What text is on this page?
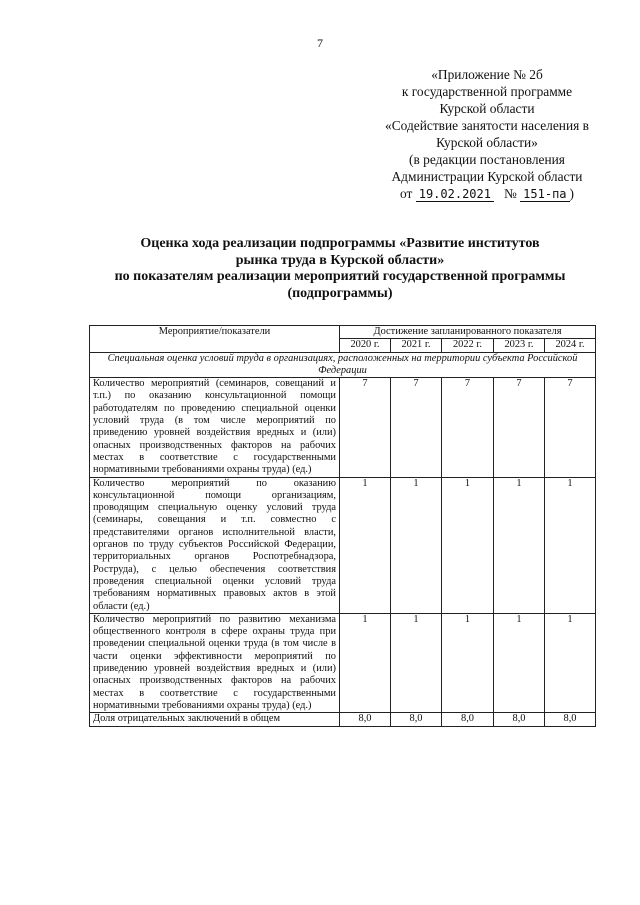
7
«Приложение № 2б
к государственной программе
Курской области
«Содействие занятости населения в
Курской области»
(в редакции постановления
Администрации Курской области
от 19.02.2021 № 151-па )
Оценка хода реализации подпрограммы «Развитие институтов
рынка труда в Курской области»
по показателям реализации мероприятий государственной программы
(подпрограммы)
Мероприятие/показатели	Достижение запланированного показателя				
	2020 г.	2021 г.	2022 г.	2023 г.	2024 г.
Специальная оценка условий труда в организациях, расположенных на территории субъекта Российской Федерации					
Количество мероприятий (семинаров, совещаний и т.п.) по оказанию консультационной помощи работодателям по проведению специальной оценки условий труда (в том числе мероприятий по приведению уровней воздействия вредных и (или) опасных производственных факторов на рабочих местах в соответствие с государственными нормативными требованиями охраны труда) (ед.)	7	7	7	7	7
Количество мероприятий по оказанию консультационной помощи организациям, проводящим специальную оценку условий труда (семинары, совещания и т.п. совместно с представителями органов исполнительной власти, органов по труду субъектов Российской Федерации, территориальных органов Роспотребнадзора, Роструда), с целью обеспечения соответствия проведения специальной оценки условий труда требованиям нормативных правовых актов в этой области (ед.)	1	1	1	1	1
Количество мероприятий по развитию механизма общественного контроля в сфере охраны труда при проведении специальной оценки труда (в том числе в части оценки эффективности мероприятий по приведению уровней воздействия вредных и (или) опасных производственных факторов на рабочих местах в соответствие с государственными нормативными требованиями охраны труда) (ед.)	1	1	1	1	1
Доля отрицательных заключений в общем	8,0	8,0	8,0	8,0	8,0
